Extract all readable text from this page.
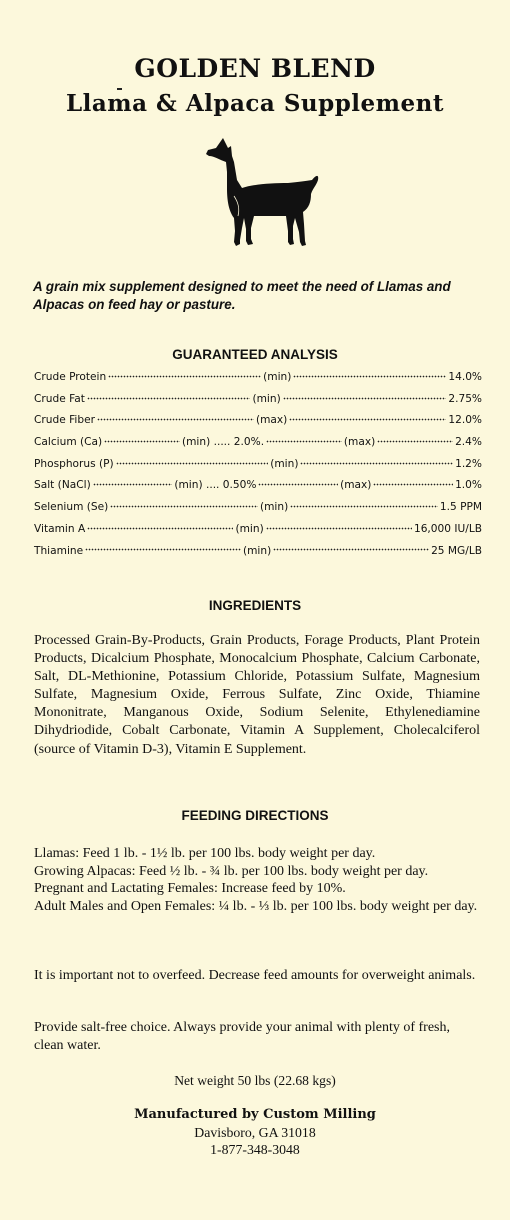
GOLDEN BLEND
Llama & Alpaca Supplement

A grain mix supplement designed to meet the need of Llamas and Alpacas on feed hay or pasture.

GUARANTEED ANALYSIS
Crude Protein	(min)	14.0%
Crude Fat	(min)	2.75%
Crude Fiber	(max)	12.0%
Calcium (Ca)	(min) ..... 2.0%.	(max)	2.4%
Phosphorus (P)	(min)	1.2%
Salt (NaCl)	(min) .... 0.50%	(max)	1.0%
Selenium (Se)	(min)	1.5 PPM
Vitamin A	(min)	16,000 IU/LB
Thiamine	(min)	25 MG/LB
INGREDIENTS

Processed Grain-By-Products, Grain Products, Forage Products, Plant Protein Products, Dicalcium Phosphate, Monocalcium Phosphate, Calcium Carbonate, Salt, DL-Methionine, Potassium Chloride, Potassium Sulfate, Magnesium Sulfate, Magnesium Oxide, Ferrous Sulfate, Zinc Oxide, Thiamine Mononitrate, Manganous Oxide, Sodium Selenite, Ethylenediamine Dihydriodide, Cobalt Carbonate, Vitamin A Supplement, Cholecalciferol (source of Vitamin D-3), Vitamin E Supplement.

FEEDING DIRECTIONS
Llamas: Feed 1 lb. - 1½ lb. per 100 lbs. body weight per day.
Growing Alpacas: Feed ½ lb. - ¾ lb. per 100 lbs. body weight per day.
Pregnant and Lactating Females: Increase feed by 10%.
Adult Males and Open Females: ¼ lb. - ⅓ lb. per 100 lbs. body weight per day.

It is important not to overfeed. Decrease feed amounts for overweight animals.

Provide salt-free choice. Always provide your animal with plenty of fresh, clean water.

Net weight 50 lbs (22.68 kgs)

Manufactured by Custom Milling
Davisboro, GA 31018
1-877-348-3048
